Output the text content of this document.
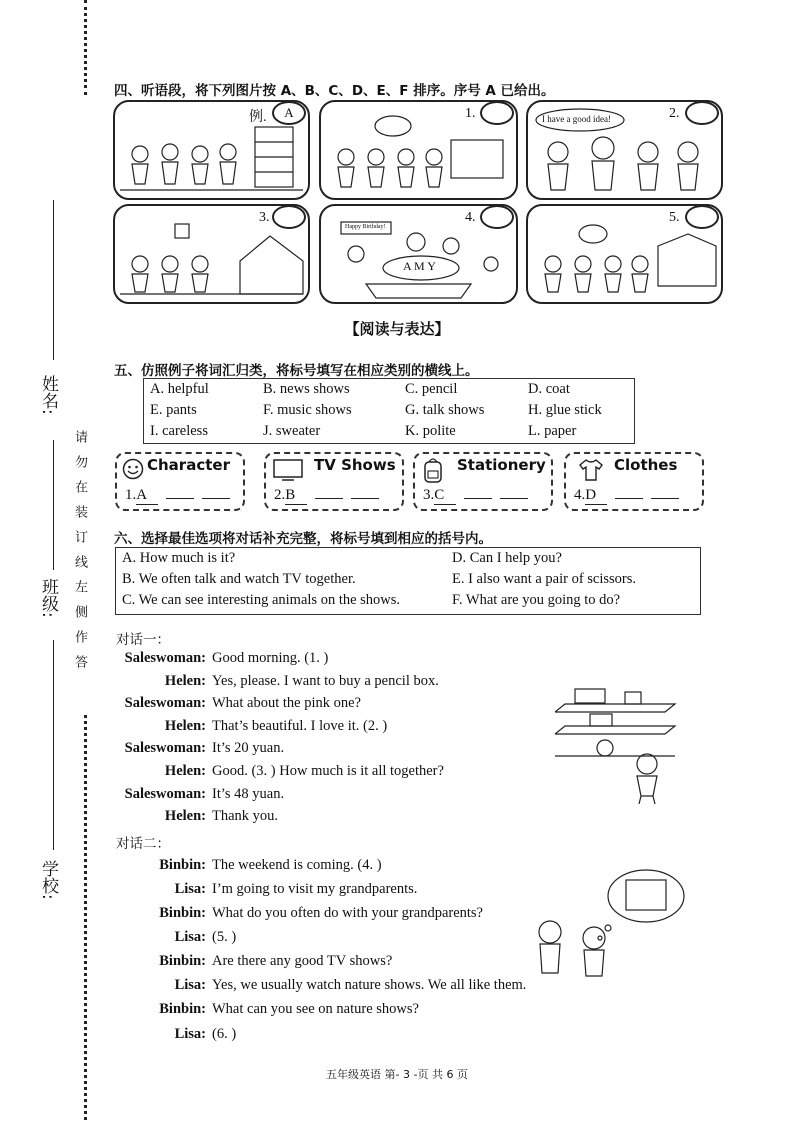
姓名:
班级:
学校:
请勿在装订线左侧作答
四、听语段，将下列图片按 A、B、C、D、E、F 排序。序号 A 已给出。
例.	A	1.	2.
I have a good idea!
3.	4.
Happy Birthday!
A M Y
5.
【阅读与表达】
五、仿照例子将词汇归类，将标号填写在相应类别的横线上。
A. helpful	B. news shows	C. pencil	D. coat
E. pants	F. music shows	G. talk shows	H. glue stick
I. careless	J. sweater	K. polite	L. paper
Character
1.A
TV Shows
2.B
Stationery
3.C
Clothes
4.D
六、选择最佳选项将对话补充完整，将标号填到相应的括号内。
A. How much is it?
B. We often talk and watch TV together.
C. We can see interesting animals on the shows.
D. Can I help you?
E. I also want a pair of scissors.
F. What are you going to do?
对话一：
Saleswoman: Good morning. (1. )
Helen: Yes, please. I want to buy a pencil box.
Saleswoman: What about the pink one?
Helen: That’s beautiful. I love it. (2. )
Saleswoman: It’s 20 yuan.
Helen: Good. (3. ) How much is it all together?
Saleswoman: It’s 48 yuan.
Helen: Thank you.
对话二：
Binbin: The weekend is coming. (4. )
Lisa: I’m going to visit my grandparents.
Binbin: What do you often do with your grandparents?
Lisa: (5. )
Binbin: Are there any good TV shows?
Lisa: Yes, we usually watch nature shows. We all like them.
Binbin: What can you see on nature shows?
Lisa: (6. )
五年级英语 第- 3 -页 共 6 页
